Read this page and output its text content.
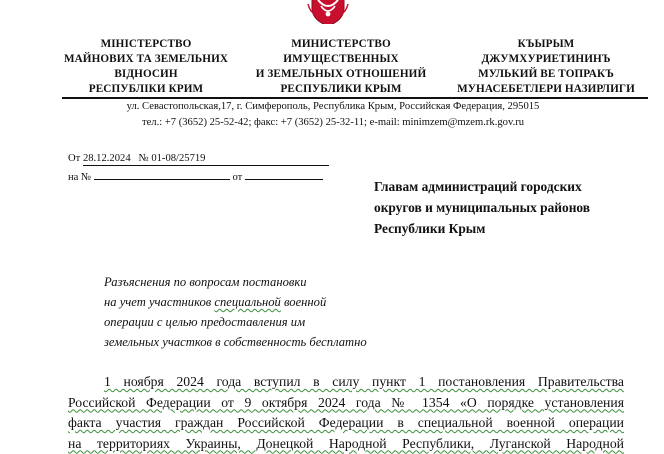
МІНІСТЕРСТВО
МАЙНОВИХ ТА ЗЕМЕЛЬНИХ
ВІДНОСИН
РЕСПУБЛІКИ КРИМ
МИНИСТЕРСТВО
ИМУЩЕСТВЕННЫХ
И ЗЕМЕЛЬНЫХ ОТНОШЕНИЙ
РЕСПУБЛИКИ КРЫМ
КЪЫРЫМ
ДЖУМХУРИЕТИНИНЪ
МУЛЬКИЙ ВЕ ТОПРАКЪ
МУНАСЕБЕТЛЕРИ НАЗИРЛИГИ
ул. Севастопольская,17, г. Симферополь, Республика Крым, Российская Федерация, 295015
тел.: +7 (3652) 25-52-42; факс: +7 (3652) 25-32-11; e-mail: minimzem@mzem.rk.gov.ru
От 28.12.2024 № 01-08/25719
на №	от
Главам администраций городских
округов и муниципальных районов
Республики Крым
Разъяснения по вопросам постановки
на учет участников специальной военной
операции с целью предоставления им
земельных участков в собственность бесплатно
1 ноября 2024 года вступил в силу пункт 1 постановления Правительства
Российской Федерации от 9 октября 2024 года № 1354 «О порядке установления
факта участия граждан Российской Федерации в специальной военной операции
на территориях Украины, Донецкой Народной Республики, Луганской Народной
